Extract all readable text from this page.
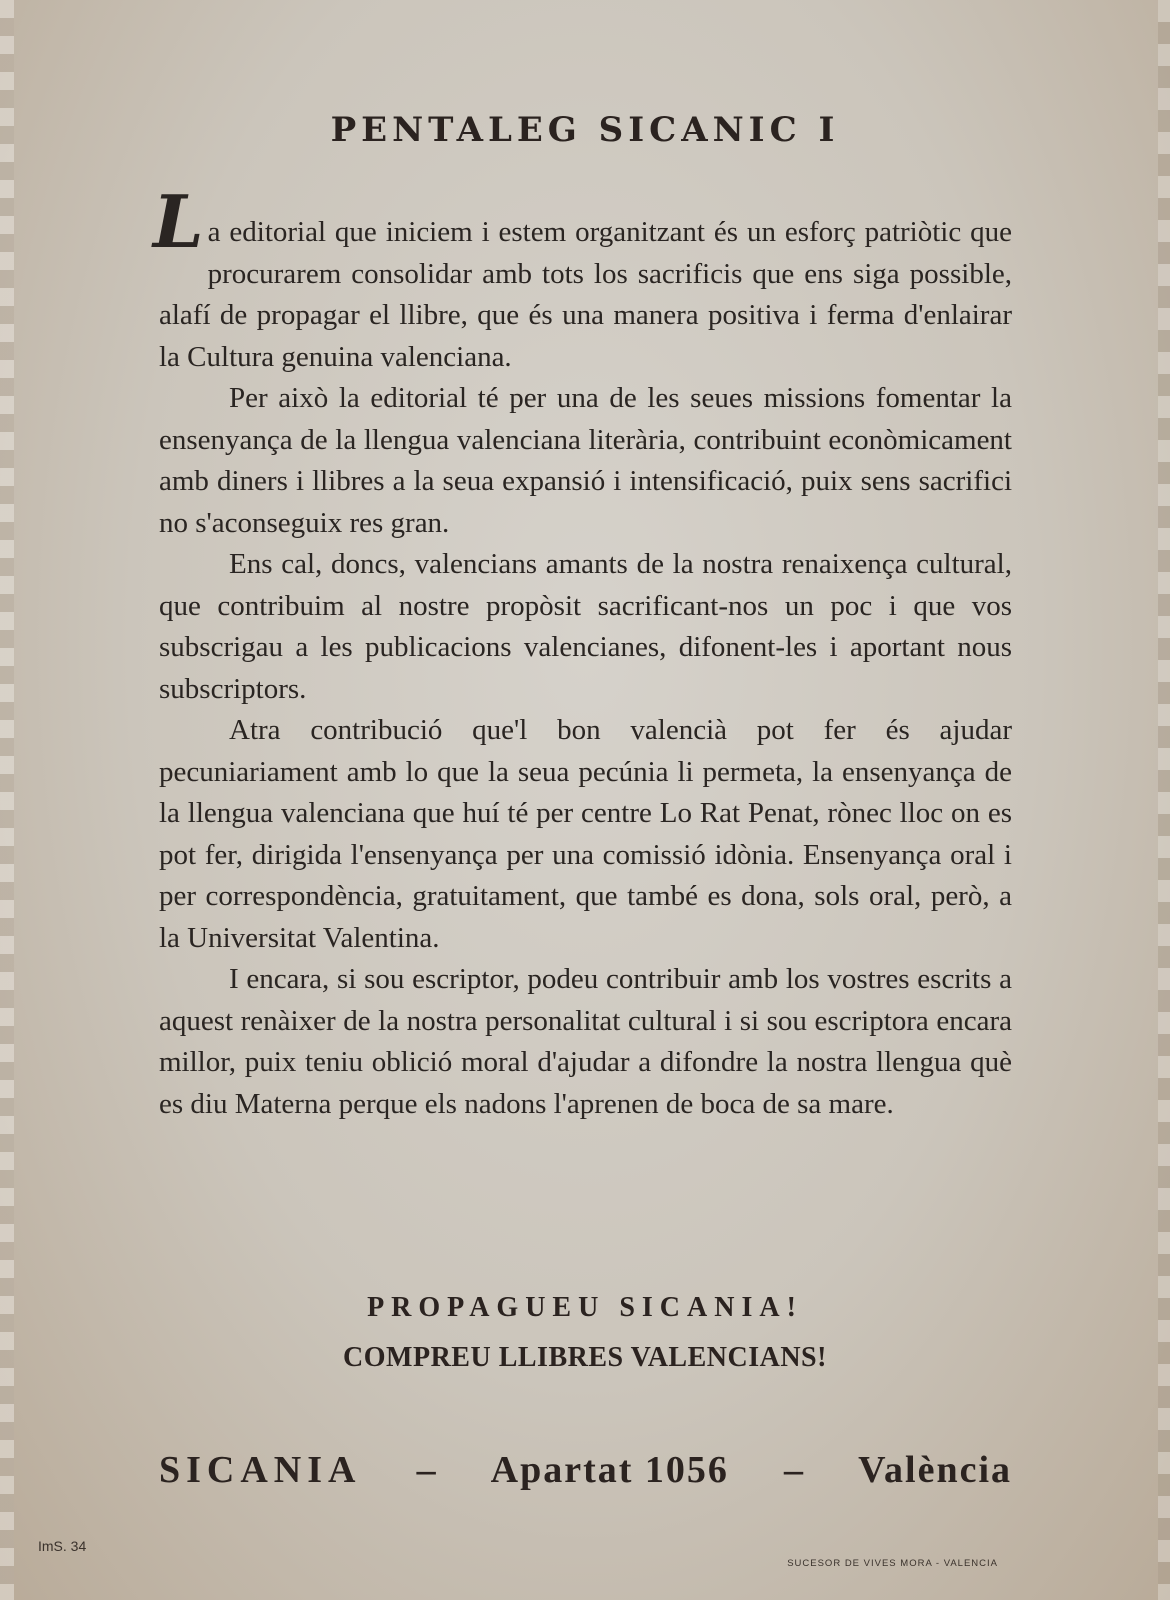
PENTALEG SICANIC I

La editorial que iniciem i estem organitzant és un esforç patriòtic que procurarem consolidar amb tots los sacrificis que ens siga possible, alafí de propagar el llibre, que és una manera positiva i ferma d'enlairar la Cultura genuina valenciana.

Per això la editorial té per una de les seues missions fomentar la ensenyança de la llengua valenciana literària, contribuint econòmicament amb diners i llibres a la seua expansió i intensificació, puix sens sacrifici no s'aconseguix res gran.

Ens cal, doncs, valencians amants de la nostra renaixença cultural, que contribuim al nostre propòsit sacrificant-nos un poc i que vos subscrigau a les publicacions valencianes, difonent-les i aportant nous subscriptors.

Atra contribució que'l bon valencià pot fer és ajudar pecuniariament amb lo que la seua pecúnia li permeta, la ensenyança de la llengua valenciana que huí té per centre Lo Rat Penat, rònec lloc on es pot fer, dirigida l'ensenyança per una comissió idònia. Ensenyança oral i per correspondència, gratuitament, que també es dona, sols oral, però, a la Universitat Valentina.

I encara, si sou escriptor, podeu contribuir amb los vostres escrits a aquest renàixer de la nostra personalitat cultural i si sou escriptora encara millor, puix teniu oblició moral d'ajudar a difondre la nostra llengua què es diu Materna perque els nadons l'aprenen de boca de sa mare.

PROPAGUEU SICANIA!
COMPREU LLIBRES VALENCIANS!
SICANIA – Apartat 1056 – València
ImS. 34
SUCESOR DE VIVES MORA - VALENCIA
